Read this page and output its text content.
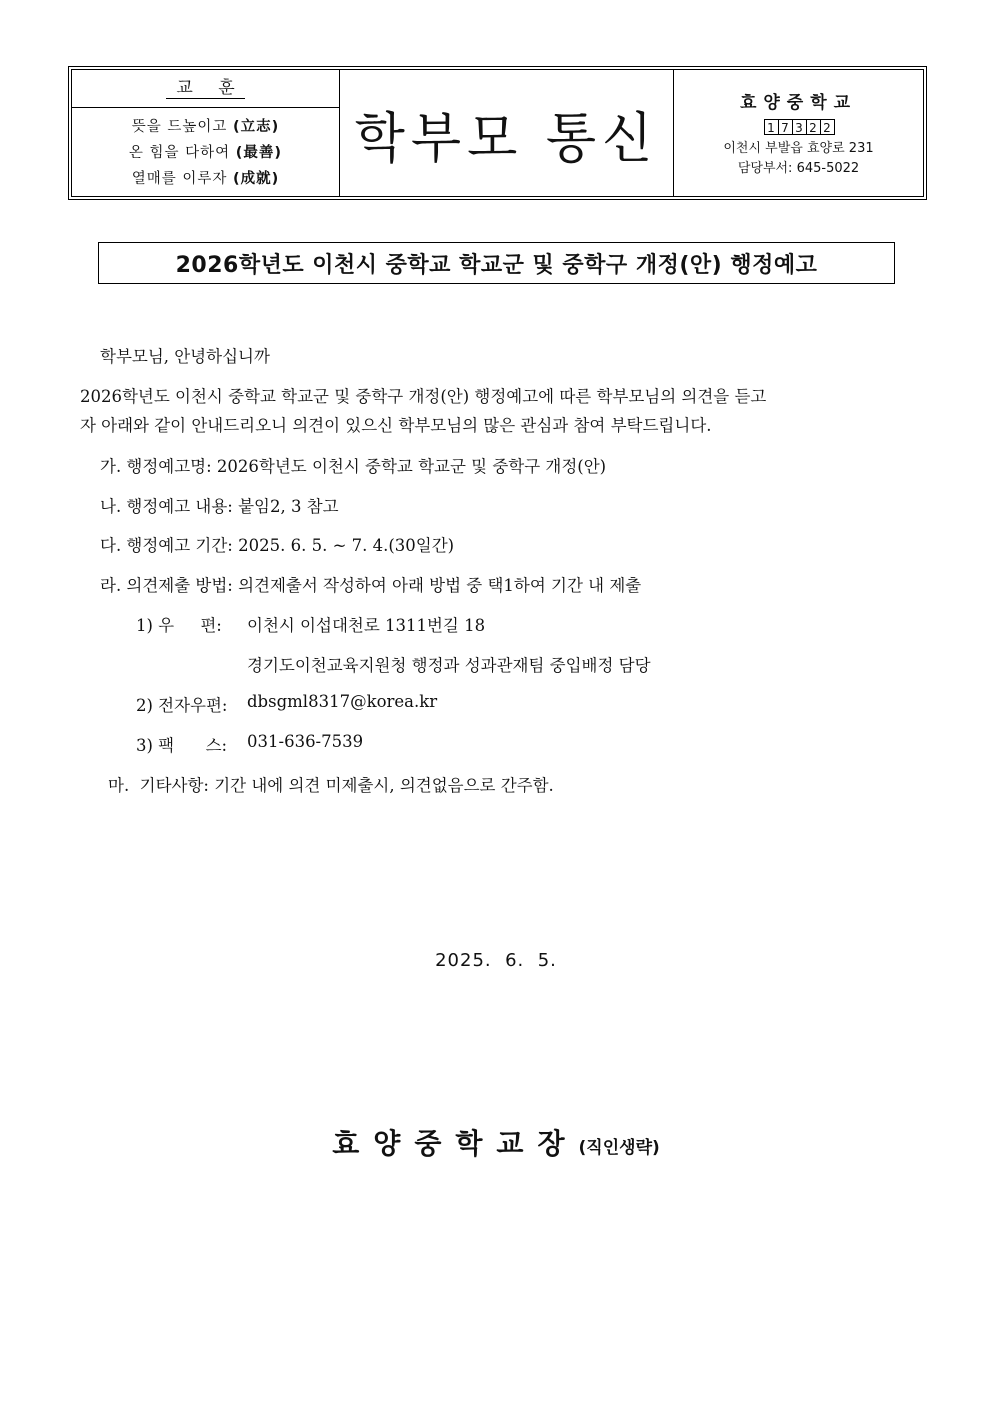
교 훈
뜻을 드높이고 (立志)
온 힘을 다하여 (最善)
열매를 이루자 (成就)
학부모 통신
효양중학교
1 7 3 2 2
이천시 부발읍 효양로 231
담당부서: 645-5022
2026학년도 이천시 중학교 학교군 및 중학구 개정(안) 행정예고
학부모님, 안녕하십니까
2026학년도 이천시 중학교 학교군 및 중학구 개정(안) 행정예고에 따른 학부모님의 의견을 듣고
자 아래와 같이 안내드리오니 의견이 있으신 학부모님의 많은 관심과 참여 부탁드립니다.
가. 행정예고명: 2026학년도 이천시 중학교 학교군 및 중학구 개정(안)
나. 행정예고 내용: 붙임2, 3 참고
다. 행정예고 기간: 2025. 6. 5. ~ 7. 4.(30일간)
라. 의견제출 방법: 의견제출서 작성하여 아래 방법 중 택1하여 기간 내 제출
1) 우     편: 이천시 이섭대천로 1311번길 18
경기도이천교육지원청 행정과 성과관재팀 중입배정 담당
2) 전자우편: dbsgml8317@korea.kr
3) 팩      스: 031-636-7539
마.  기타사항: 기간 내에 의견 미제출시, 의견없음으로 간주함.
2025.  6.  5.
효양중학교장(직인생략)
